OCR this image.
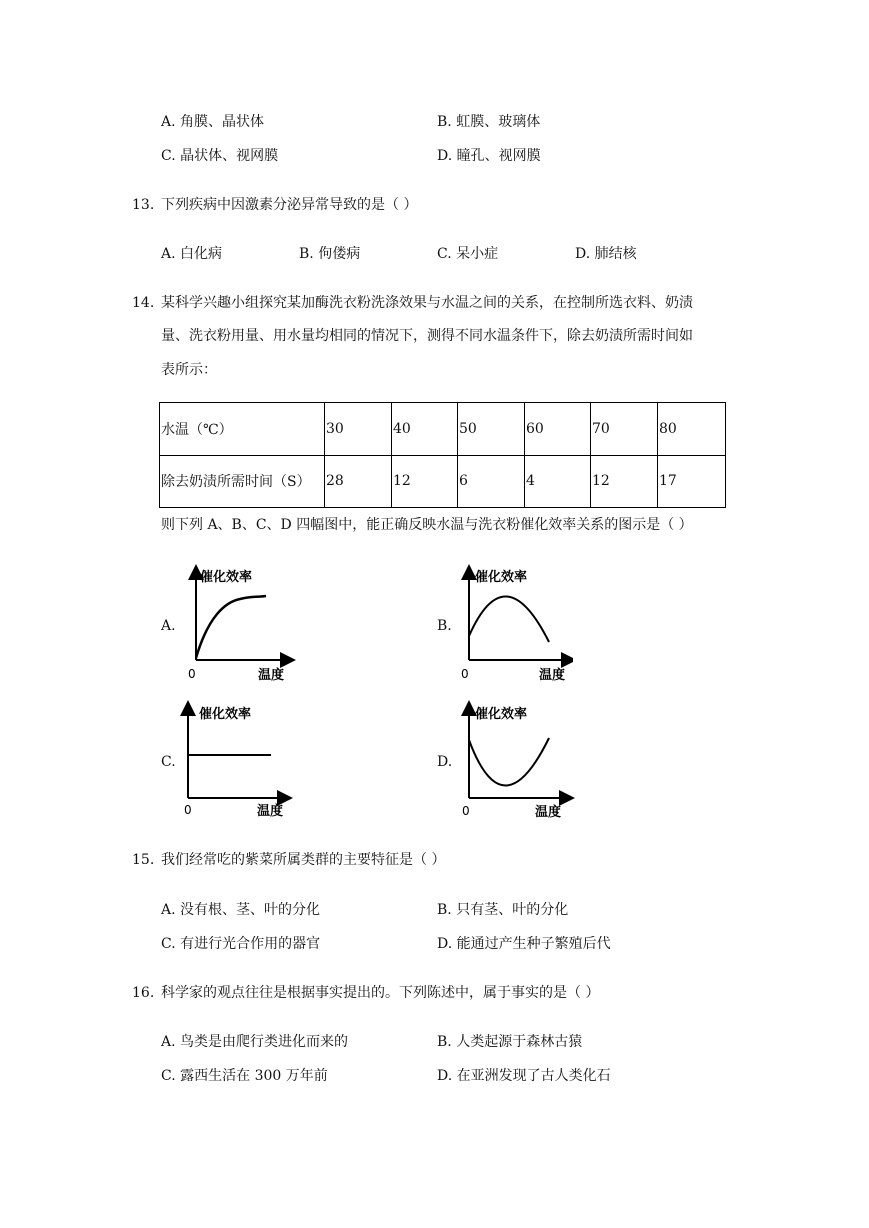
A. 角膜、晶状体	B. 虹膜、玻璃体
C. 晶状体、视网膜	D. 瞳孔、视网膜
13. 下列疾病中因激素分泌异常导致的是（ ）
A. 白化病	B. 佝偻病	C. 呆小症	D. 肺结核
14. 某科学兴趣小组探究某加酶洗衣粉洗涤效果与水温之间的关系，在控制所选衣料、奶渍
量、洗衣粉用量、用水量均相同的情况下，测得不同水温条件下，除去奶渍所需时间如
表所示：
水温（℃）	30	40	50	60	70	80
除去奶渍所需时间（S）	28	12	6	4	12	17
则下列 A、B、C、D 四幅图中，能正确反映水温与洗衣粉催化效率关系的图示是（ ）
A.	B.
C.	D.
催化效率
温度
0
催化效率
温度
0
催化效率
温度
0
催化效率
温度
0
15. 我们经常吃的紫菜所属类群的主要特征是（ ）
A. 没有根、茎、叶的分化	B. 只有茎、叶的分化
C. 有进行光合作用的器官	D. 能通过产生种子繁殖后代
16. 科学家的观点往往是根据事实提出的。下列陈述中，属于事实的是（ ）
A. 鸟类是由爬行类进化而来的	B. 人类起源于森林古猿
C. 露西生活在 300 万年前	D. 在亚洲发现了古人类化石
